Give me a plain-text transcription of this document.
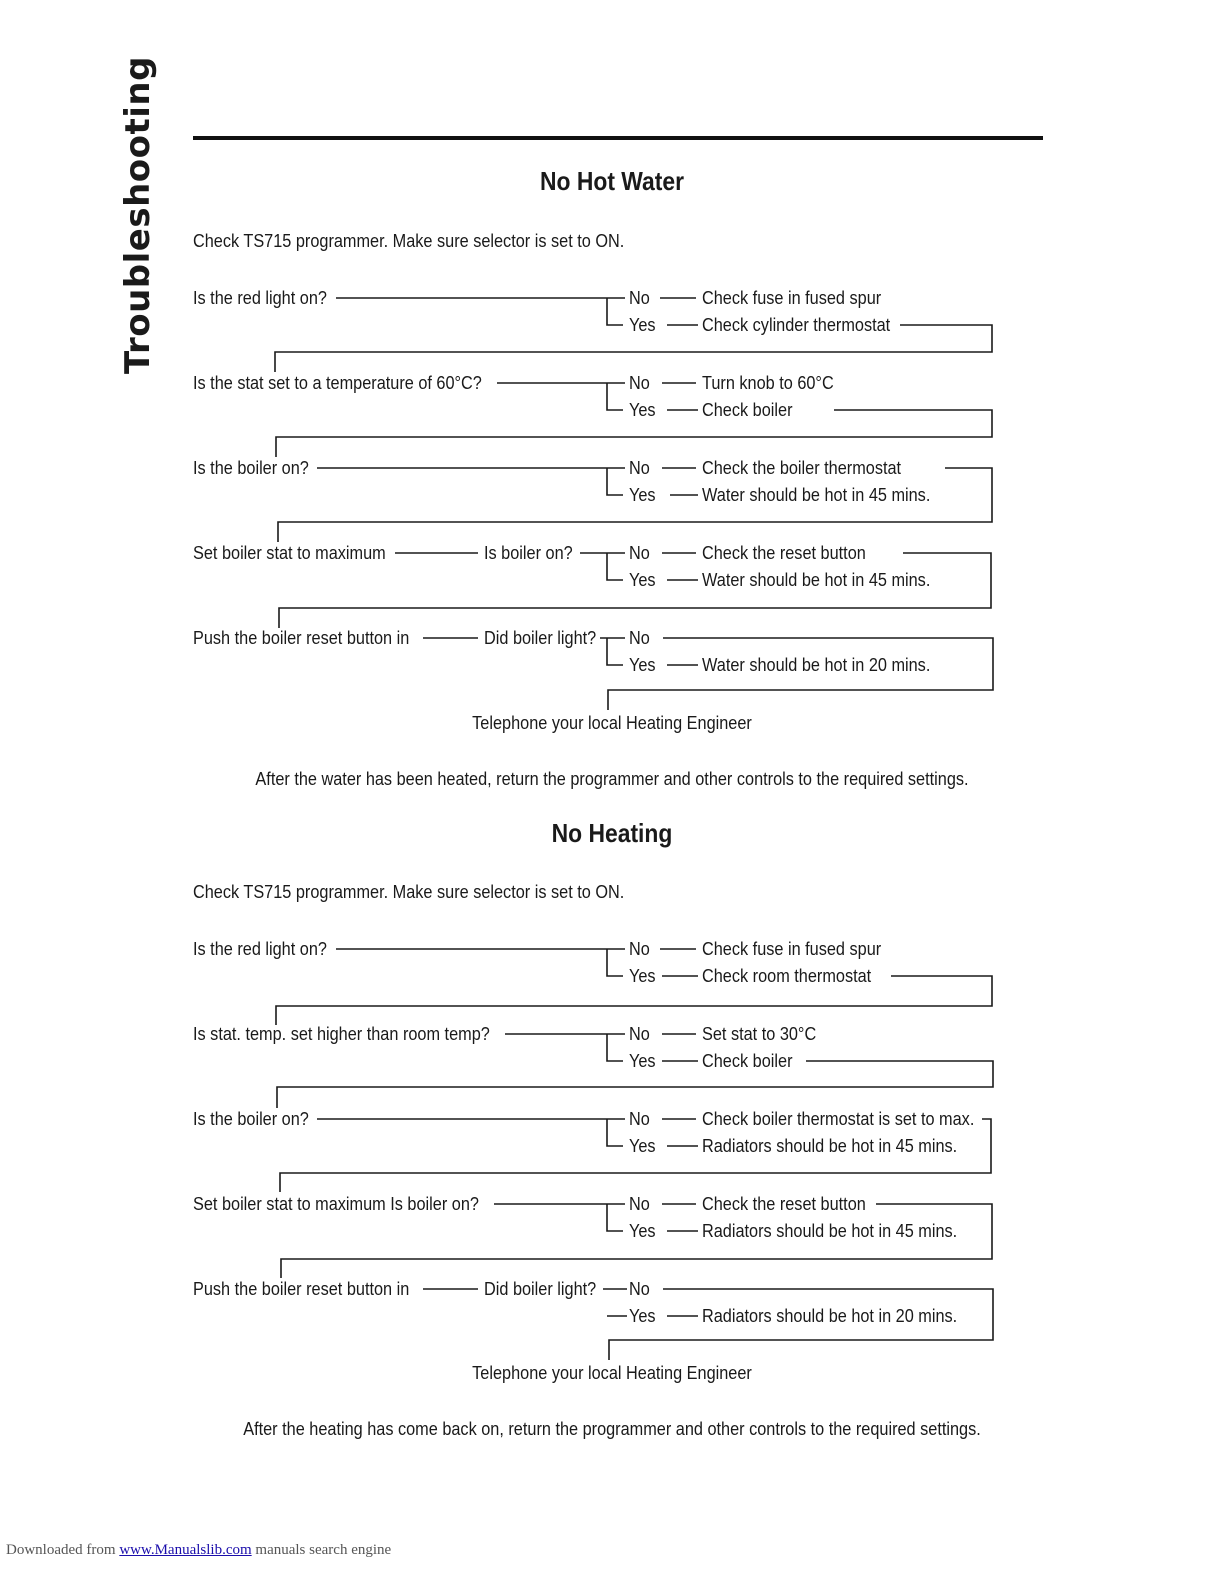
Troubleshooting	No Hot Water
Check TS715 programmer. Make sure selector is set to ON.
Is the red light on?	No	Check fuse in fused spur
Yes	Check cylinder thermostat
Is the stat set to a temperature of 60°C?	No	Turn knob to 60°C
Yes	Check boiler
Is the boiler on?	No	Check the boiler thermostat
Yes	Water should be hot in 45 mins.
Set boiler stat to maximum	Is boiler on?	No	Check the reset button
Yes	Water should be hot in 45 mins.
Push the boiler reset button in	Did boiler light? No
Yes	Water should be hot in 20 mins.
Telephone your local Heating Engineer
After the water has been heated, return the programmer and other controls to the required settings.
No Heating
Check TS715 programmer. Make sure selector is set to ON.
Is the red light on?	No	Check fuse in fused spur
Yes	Check room thermostat
Is stat. temp. set higher than room temp?	No	Set stat to 30°C
Yes	Check boiler
Is the boiler on?	No	Check boiler thermostat is set to max.
Yes	Radiators should be hot in 45 mins.
Set boiler stat to maximum Is boiler on?	No	Check the reset button
Yes	Radiators should be hot in 45 mins.
Push the boiler reset button in	Did boiler light? No
Yes	Radiators should be hot in 20 mins.
Telephone your local Heating Engineer
After the heating has come back on, return the programmer and other controls to the required settings.
Downloaded from www.Manualslib.com manuals search engine
